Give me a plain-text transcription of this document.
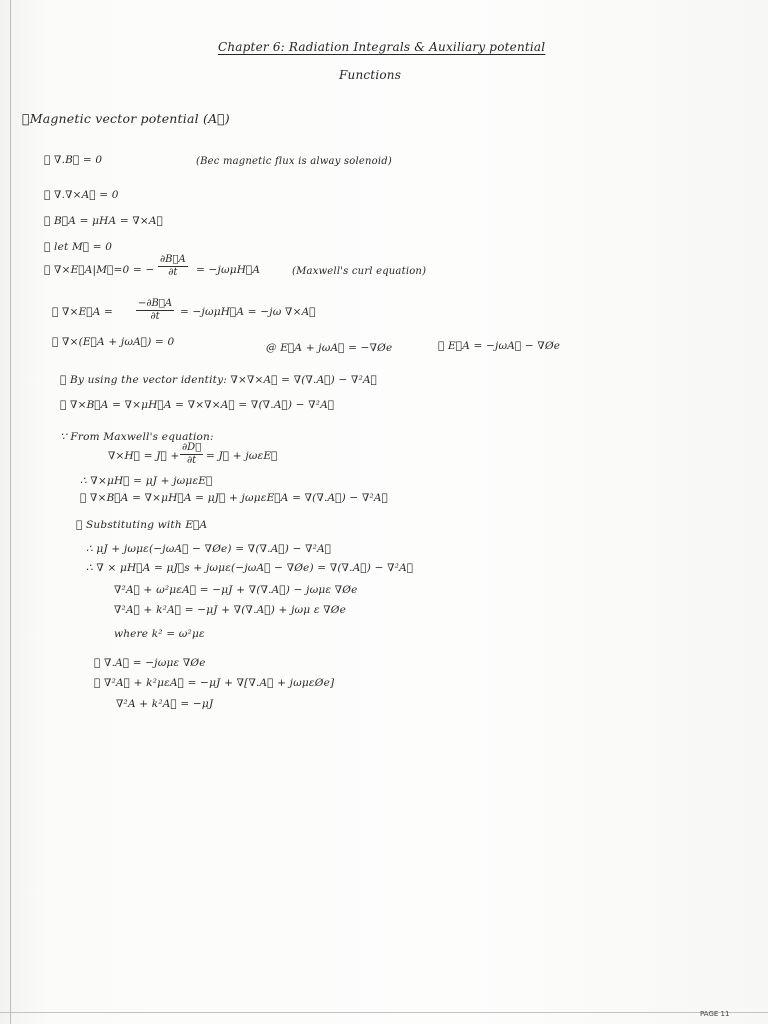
Chapter 6: Radiation Integrals & Auxiliary potential
Functions
①Magnetic vector potential (A⃗)
∵ ∇.B⃗ = 0	(Bec magnetic flux is alway solenoid)
∵ ∇.∇×A⃗ = 0
∴ B⃗A = μHA = ∇×A⃗
∴ let M⃗ = 0
∴ ∇×E⃗A|M⃗=0 = − $\frac{\partial B⃗A}{\partial t}$ = −jωμH⃗A	(Maxwell's curl equation)
∴ ∇×E⃗A = $\frac{-\partial B⃗A}{\partial t}$ = −jωμH⃗A = −jω ∇×A⃗
∴ ∇×(E⃗A + jωA⃗) = 0	@ E⃗A + jωA⃗ = −∇Øe	∴ E⃗A = −jωA⃗ − ∇Øe
∴ By using the vector identity: ∇×∇×A⃗ = ∇(∇.A⃗) − ∇²A⃗
∴ ∇×B⃗A = ∇×μH⃗A = ∇×∇×A⃗ = ∇(∇.A⃗) − ∇²A⃗
∵ From Maxwell's equation:
∇×H⃗ = J⃗ + $\frac{\partial D⃗}{\partial t}$ = J⃗ + jωεE⃗
∴ ∇×μH⃗ = μJ + jωμεE⃗
∴ ∇×B⃗A = ∇×μH⃗A = μJ⃗ + jωμεE⃗A = ∇(∇.A⃗) − ∇²A⃗
∴ Substituting with E⃗A
∴ μJ + jωμε(−jωA⃗ − ∇Øe) = ∇(∇.A⃗) − ∇²A⃗
∴ ∇ × μH⃗A = μJ⃗s + jωμε(−jωA⃗ − ∇Øe) = ∇(∇.A⃗) − ∇²A⃗
∇²A⃗ + ω²μεA⃗ = −μJ + ∇(∇.A⃗) − jωμε ∇Øe
∇²A⃗ + k²A⃗ = −μJ + ∇(∇.A⃗) + jωμ ε ∇Øe
where k² = ω²με
∵ ∇.A⃗ = −jωμε ∇Øe
∴ ∇²A⃗ + k²μεA⃗ = −μJ + ∇[∇.A⃗ + jωμεØe]
∇²A + k²A⃗ = −μJ
PAGE 11
